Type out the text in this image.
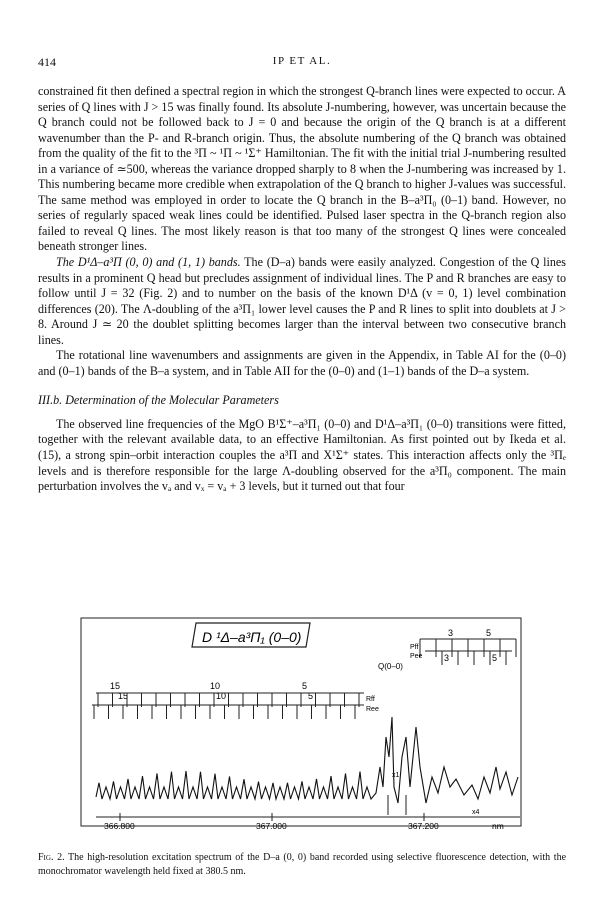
414	IP ET AL.

constrained fit then defined a spectral region in which the strongest Q-branch lines were expected to occur. A series of Q lines with J > 15 was finally found. Its absolute J-numbering, however, was uncertain because the Q branch could not be followed back to J = 0 and because the origin of the Q branch is at a different wavenumber than the P- and R-branch origin. Thus, the absolute numbering of the Q branch was obtained from the quality of the fit to the ³Π ~ ¹Π ~ ¹Σ⁺ Hamiltonian. The fit with the initial trial J-numbering resulted in a variance of ≃500, whereas the variance dropped sharply to 8 when the J-numbering was increased by 1. This numbering became more credible when extrapolation of the Q branch to higher J-values was successful. The same method was employed in order to locate the Q branch in the B–a³Π₀ (0–1) band. However, no series of regularly spaced weak lines could be identified. Pulsed laser spectra in the Q-branch region also failed to reveal Q lines. The most likely reason is that too many of the strongest Q lines were concealed beneath stronger lines.

The D¹Δ–a³Π (0, 0) and (1, 1) bands. The (D–a) bands were easily analyzed. Congestion of the Q lines results in a prominent Q head but precludes assignment of individual lines. The P and R branches are easy to follow until J = 32 (Fig. 2) and to number on the basis of the known D¹Δ (v = 0, 1) level combination differences (20). The Λ-doubling of the a³Π₁ lower level causes the P and R lines to split into doublets at J > 8. Around J ≃ 20 the doublet splitting becomes larger than the interval between two consecutive branch lines.

The rotational line wavenumbers and assignments are given in the Appendix, in Table AI for the (0–0) and (0–1) bands of the B–a system, and in Table AII for the (0–0) and (1–1) bands of the D–a system.

III.b. Determination of the Molecular Parameters

The observed line frequencies of the MgO B¹Σ⁺–a³Π₁ (0–0) and D¹Δ–a³Π₁ (0–0) transitions were fitted, together with the relevant available data, to an effective Hamiltonian. As first pointed out by Ikeda et al. (15), a strong spin–orbit interaction couples the a³Π and X¹Σ⁺ states. This interaction affects only the ³Πₑ levels and is therefore responsible for the large Λ-doubling observed for the a³Π₀ component. The main perturbation involves the vₐ and vₓ = vₐ + 3 levels, but it turned out that four

D ¹Δ–a³Π₁ (0–0)	3	5
3	5
Pff
Pee
Q(0–0)
15	10	5
15	10	5	Rff
Ree
x1
x4
366.800	367.000	367.200	nm
Fig. 2. The high-resolution excitation spectrum of the D–a (0, 0) band recorded using selective fluorescence detection, with the monochromator wavelength held fixed at 380.5 nm.
